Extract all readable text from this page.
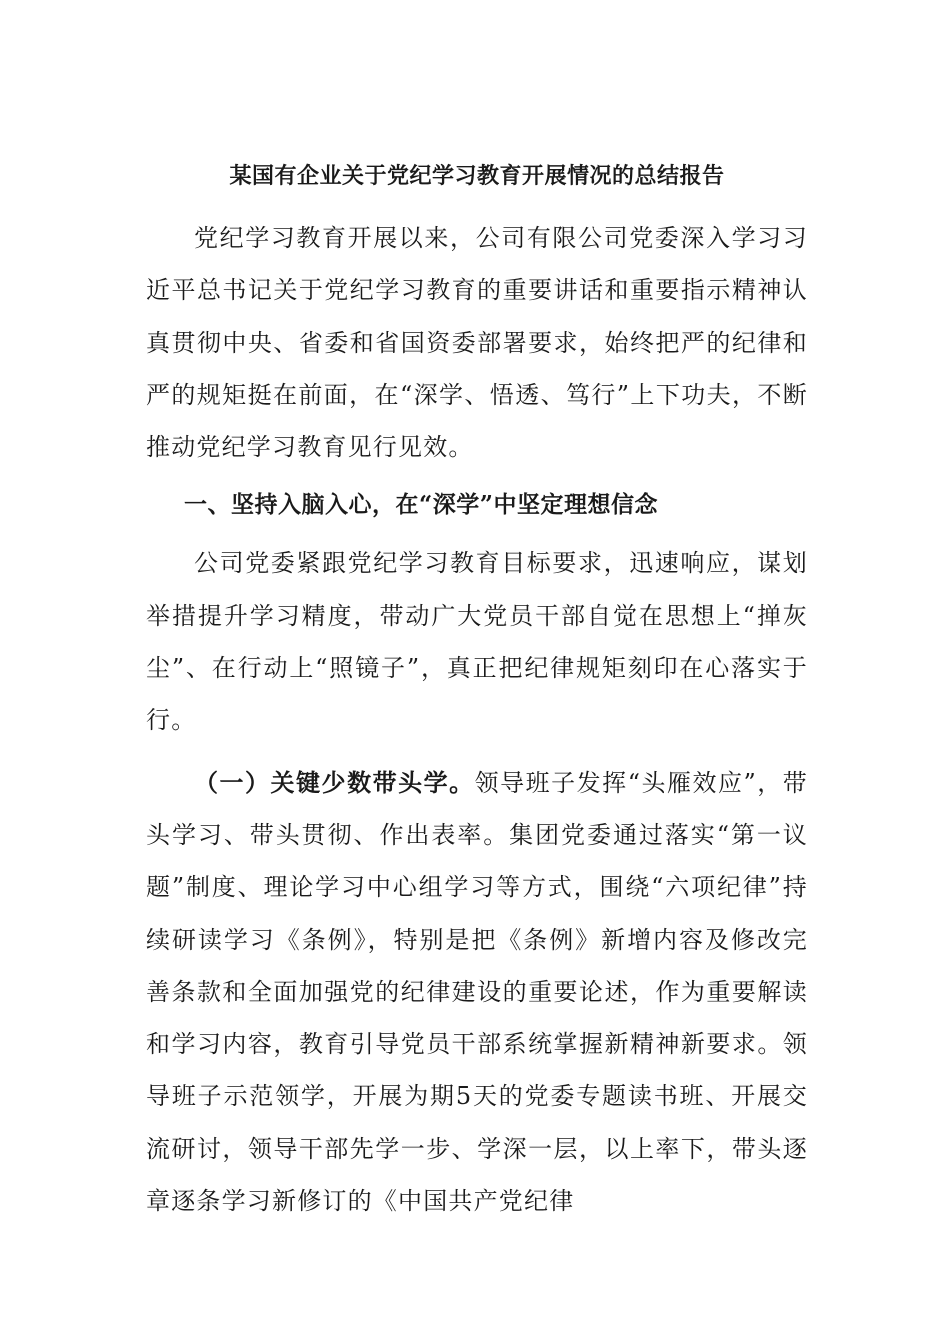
某国有企业关于党纪学习教育开展情况的总结报告

党纪学习教育开展以来，公司有限公司党委深入学习习近平总书记关于党纪学习教育的重要讲话和重要指示精神认真贯彻中央、省委和省国资委部署要求，始终把严的纪律和严的规矩挺在前面，在“深学、悟透、笃行”上下功夫，不断推动党纪学习教育见行见效。

一、坚持入脑入心，在“深学”中坚定理想信念

公司党委紧跟党纪学习教育目标要求，迅速响应，谋划举措提升学习精度，带动广大党员干部自觉在思想上“掸灰尘”、在行动上“照镜子”，真正把纪律规矩刻印在心落实于行。

（一）关键少数带头学。领导班子发挥“头雁效应”，带头学习、带头贯彻、作出表率。集团党委通过落实“第一议题”制度、理论学习中心组学习等方式，围绕“六项纪律”持续研读学习《条例》，特别是把《条例》新增内容及修改完善条款和全面加强党的纪律建设的重要论述，作为重要解读和学习内容，教育引导党员干部系统掌握新精神新要求。领导班子示范领学，开展为期5天的党委专题读书班、开展交流研讨，领导干部先学一步、学深一层，以上率下，带头逐章逐条学习新修订的《中国共产党纪律
